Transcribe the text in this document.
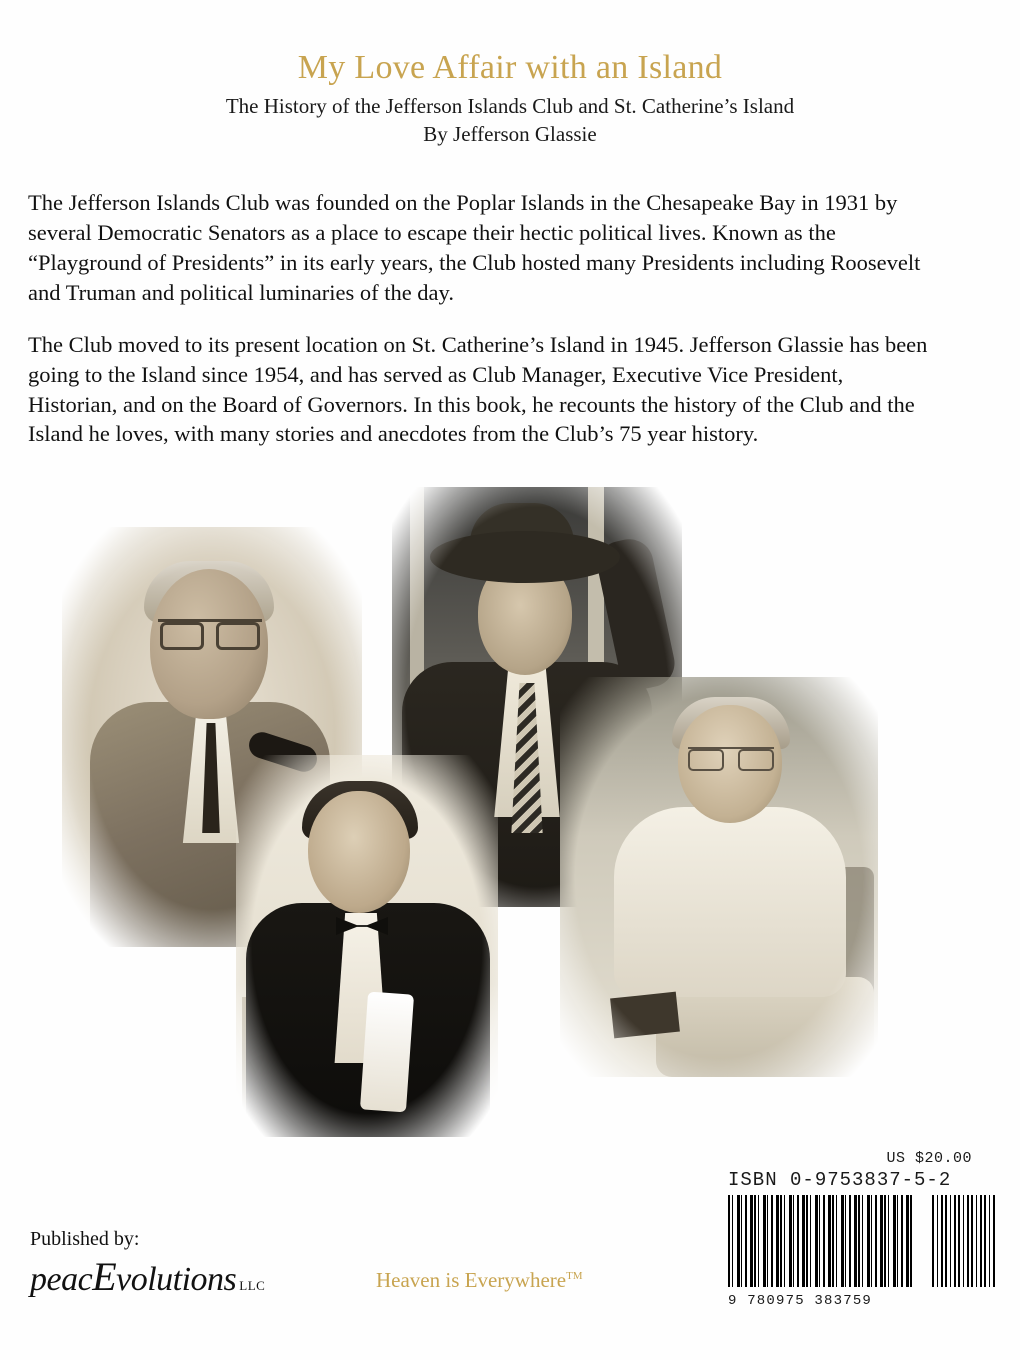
My Love Affair with an Island

The History of the Jefferson Islands Club and St. Catherine’s Island

By Jefferson Glassie

The Jefferson Islands Club was founded on the Poplar Islands in the Chesapeake Bay in 1931 by several Democratic Senators as a place to escape their hectic political lives. Known as the “Playground of Presidents” in its early years, the Club hosted many Presidents including Roosevelt and Truman and political luminaries of the day.

The Club moved to its present location on St. Catherine’s Island in 1945. Jefferson Glassie has been going to the Island since 1954, and has served as Club Manager, Executive Vice President, Historian, and on the Board of Governors. In this book, he recounts the history of the Club and the Island he loves, with many stories and anecdotes from the Club’s 75 year history.

Published by:

peacEvolutions LLC	Heaven is Everywhere™
US $20.00
ISBN 0-9753837-5-2
9 780975 383759
